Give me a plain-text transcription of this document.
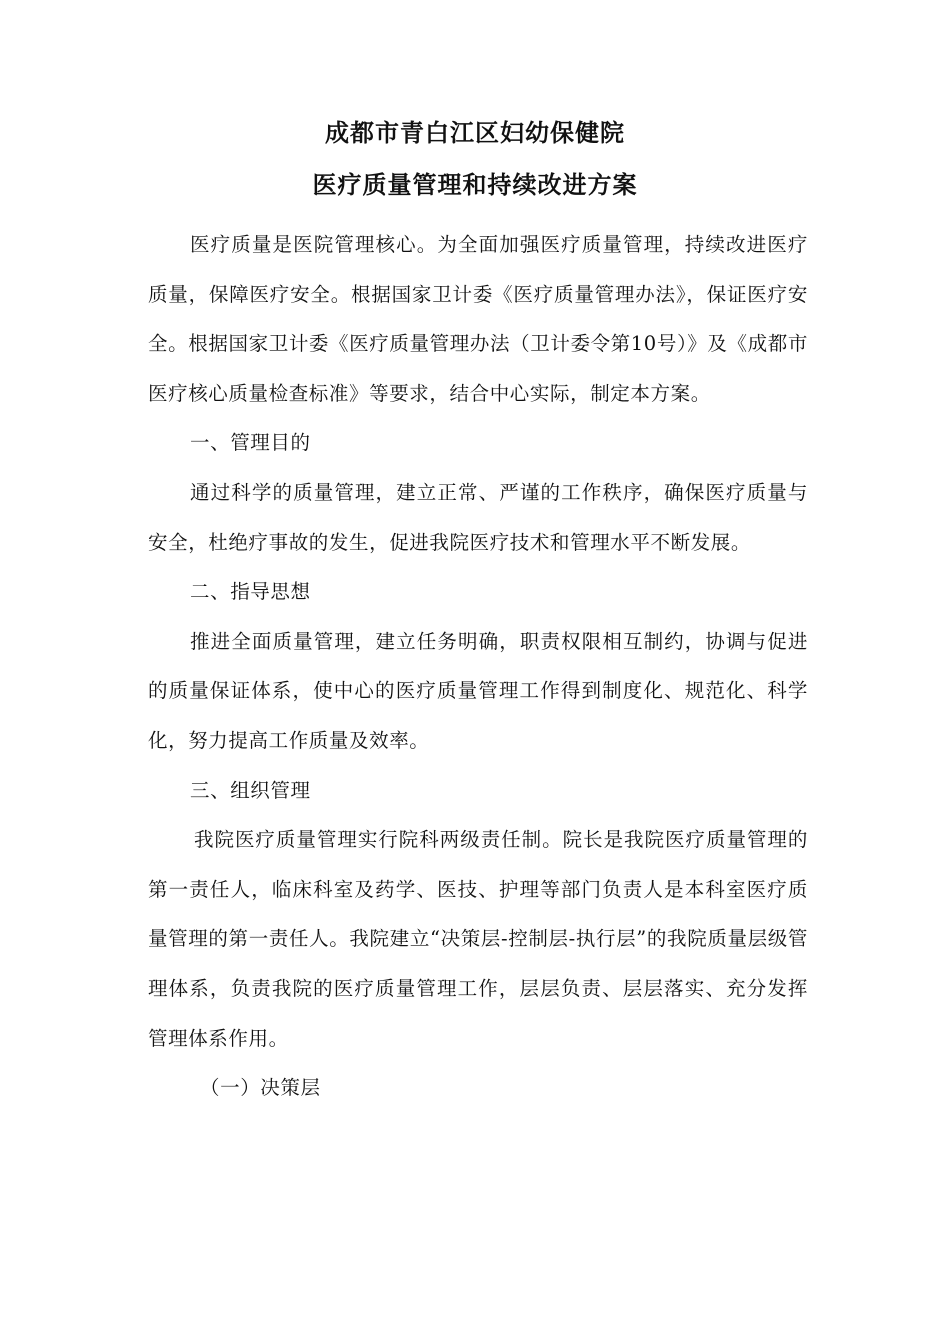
成都市青白江区妇幼保健院
医疗质量管理和持续改进方案

医疗质量是医院管理核心。为全面加强医疗质量管理，持续改进医疗质量，保障医疗安全。根据国家卫计委《医疗质量管理办法》，保证医疗安全。根据国家卫计委《医疗质量管理办法（卫计委令第10号）》及《成都市医疗核心质量检查标准》等要求，结合中心实际，制定本方案。

一、管理目的

通过科学的质量管理，建立正常、严谨的工作秩序，确保医疗质量与安全，杜绝疗事故的发生，促进我院医疗技术和管理水平不断发展。

二、指导思想

推进全面质量管理，建立任务明确，职责权限相互制约，协调与促进的质量保证体系，使中心的医疗质量管理工作得到制度化、规范化、科学化，努力提高工作质量及效率。

三、组织管理

我院医疗质量管理实行院科两级责任制。院长是我院医疗质量管理的第一责任人，临床科室及药学、医技、护理等部门负责人是本科室医疗质量管理的第一责任人。我院建立“决策层-控制层-执行层”的我院质量层级管理体系，负责我院的医疗质量管理工作，层层负责、层层落实、充分发挥管理体系作用。

（一）决策层
